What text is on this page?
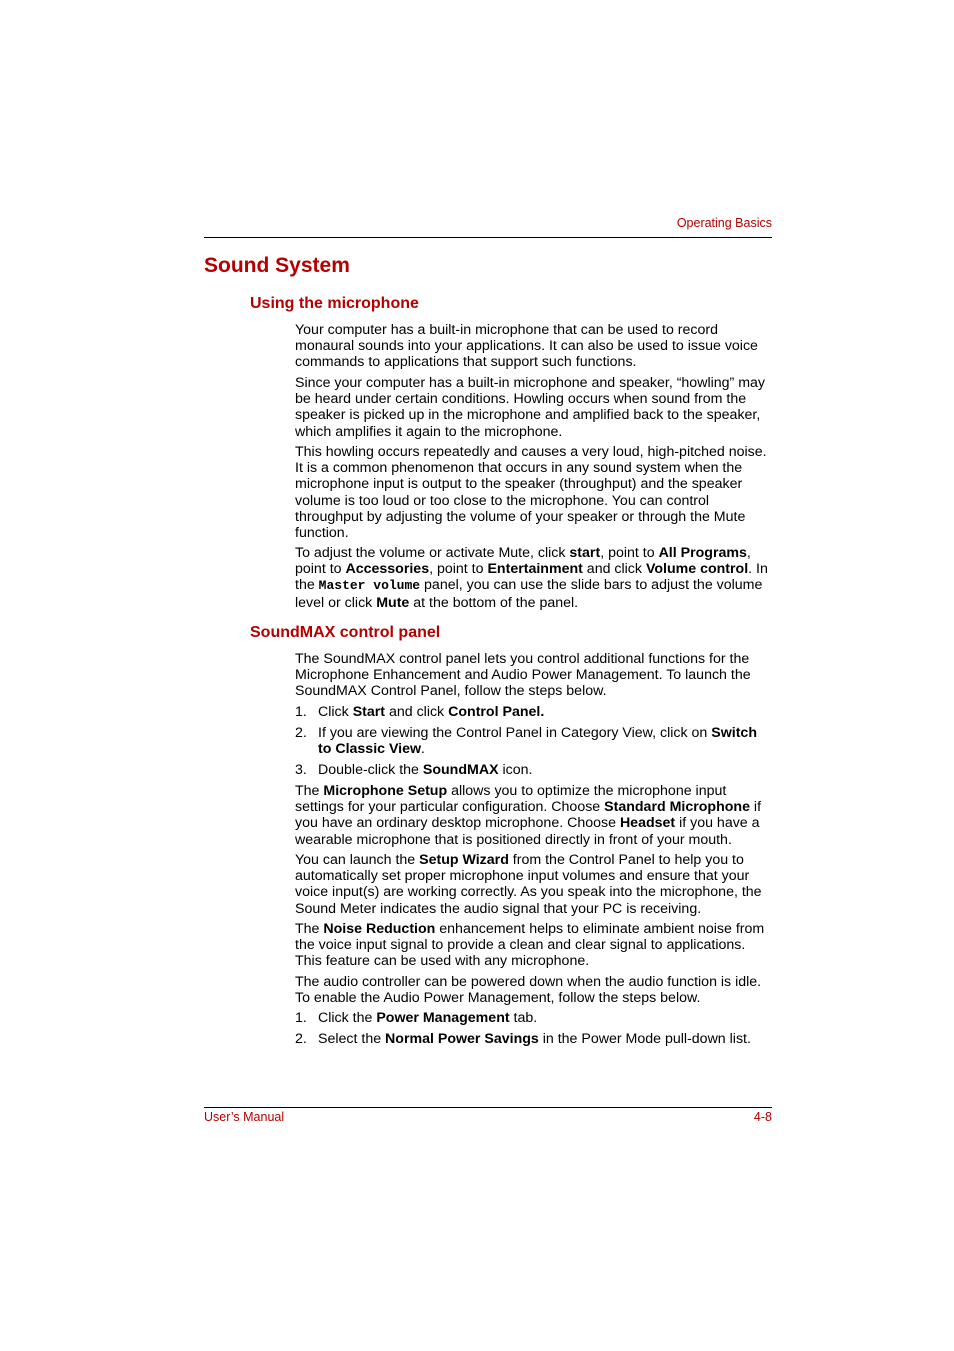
Operating Basics
Sound System
Using the microphone

Your computer has a built-in microphone that can be used to record monaural sounds into your applications. It can also be used to issue voice commands to applications that support such functions.

Since your computer has a built-in microphone and speaker, “howling” may be heard under certain conditions. Howling occurs when sound from the speaker is picked up in the microphone and amplified back to the speaker, which amplifies it again to the microphone.

This howling occurs repeatedly and causes a very loud, high-pitched noise. It is a common phenomenon that occurs in any sound system when the microphone input is output to the speaker (throughput) and the speaker volume is too loud or too close to the microphone. You can control throughput by adjusting the volume of your speaker or through the Mute function.

To adjust the volume or activate Mute, click start, point to All Programs, point to Accessories, point to Entertainment and click Volume control. In the Master volume panel, you can use the slide bars to adjust the volume level or click Mute at the bottom of the panel.

SoundMAX control panel

The SoundMAX control panel lets you control additional functions for the Microphone Enhancement and Audio Power Management. To launch the SoundMAX Control Panel, follow the steps below.

1. Click Start and click Control Panel.
2. If you are viewing the Control Panel in Category View, click on Switch to Classic View.
3. Double-click the SoundMAX icon.

The Microphone Setup allows you to optimize the microphone input settings for your particular configuration. Choose Standard Microphone if you have an ordinary desktop microphone. Choose Headset if you have a wearable microphone that is positioned directly in front of your mouth.

You can launch the Setup Wizard from the Control Panel to help you to automatically set proper microphone input volumes and ensure that your voice input(s) are working correctly. As you speak into the microphone, the Sound Meter indicates the audio signal that your PC is receiving.

The Noise Reduction enhancement helps to eliminate ambient noise from the voice input signal to provide a clean and clear signal to applications. This feature can be used with any microphone.

The audio controller can be powered down when the audio function is idle. To enable the Audio Power Management, follow the steps below.

1. Click the Power Management tab.
2. Select the Normal Power Savings in the Power Mode pull-down list.
User’s Manual	4-8
